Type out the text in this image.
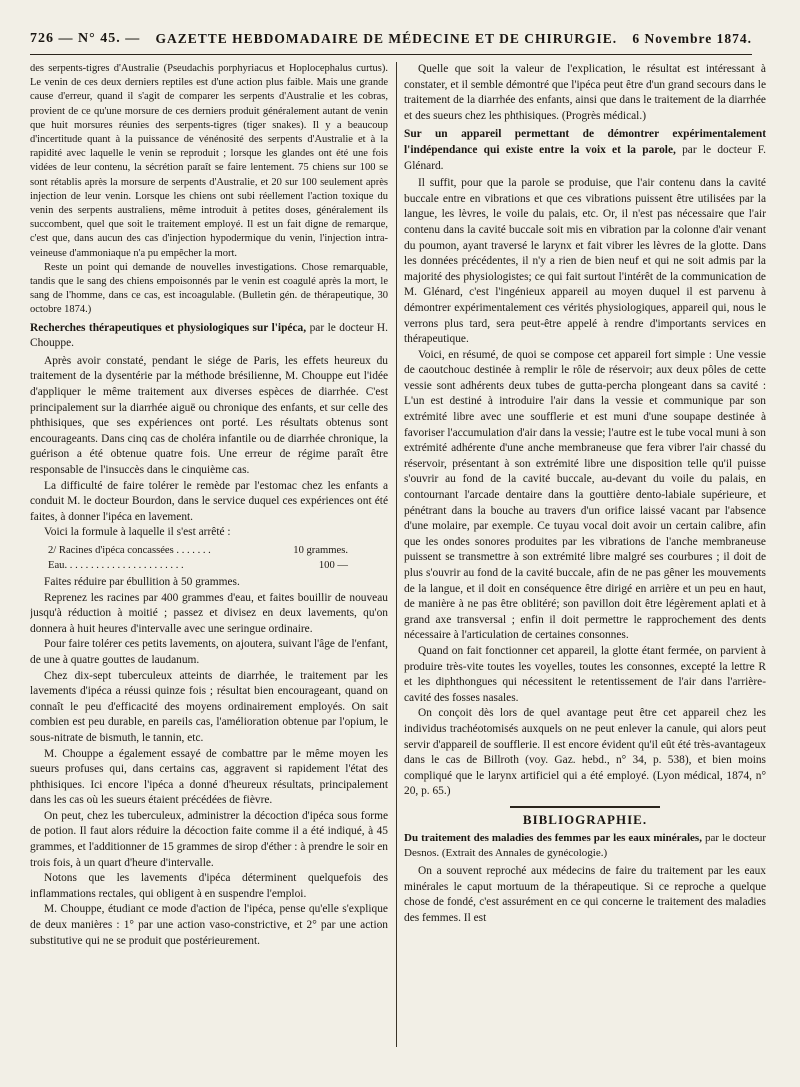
726 — N° 45. — GAZETTE HEBDOMADAIRE DE MÉDECINE ET DE CHIRURGIE. 6 Novembre 1874.

des serpents-tigres d'Australie (Pseudachis porphyriacus et Hoplocephalus curtus). Le venin de ces deux derniers reptiles est d'une action plus faible. Mais une grande cause d'erreur, quand il s'agit de comparer les serpents d'Australie et les cobras, provient de ce qu'une morsure de ces derniers produit généralement autant de venin que huit morsures réunies des serpents-tigres (tiger snakes). Il y a beaucoup d'incertitude quant à la puissance de vénénosité des serpents d'Australie et à la rapidité avec laquelle le venin se reproduit ; lorsque les glandes ont été une fois vidées de leur contenu, la sécrétion paraît se faire lentement. 75 chiens sur 100 se sont rétablis après la morsure de serpents d'Australie, et 20 sur 100 seulement après injection de leur venin. Lorsque les chiens ont subi réellement l'action toxique du venin des serpents australiens, même introduit à petites doses, généralement ils succombent, quel que soit le traitement employé. Il est un fait digne de remarque, c'est que, dans aucun des cas d'injection hypodermique du venin, l'injection intra-veineuse d'ammoniaque n'a pu empêcher la mort.

Reste un point qui demande de nouvelles investigations. Chose remarquable, tandis que le sang des chiens empoisonnés par le venin est coagulé après la mort, le sang de l'homme, dans ce cas, est incoagulable. (Bulletin gén. de thérapeutique, 30 octobre 1874.)

Recherches thérapeutiques et physiologiques sur l'ipéca, par le docteur H. Chouppe.

Après avoir constaté, pendant le siége de Paris, les effets heureux du traitement de la dysentérie par la méthode brésilienne, M. Chouppe eut l'idée d'appliquer le même traitement aux diverses espèces de diarrhée. C'est principalement sur la diarrhée aiguë ou chronique des enfants, et sur celle des phthisiques, que ses expériences ont porté. Les résultats obtenus sont encourageants. Dans cinq cas de choléra infantile ou de diarrhée chronique, la guérison a été obtenue quatre fois. Une erreur de régime paraît être responsable de l'insuccès dans le cinquième cas.

La difficulté de faire tolérer le remède par l'estomac chez les enfants a conduit M. le docteur Bourdon, dans le service duquel ces expériences ont été faites, à donner l'ipéca en lavement.

Voici la formule à laquelle il s'est arrêté :

2/ Racines d'ipéca concassées . . . . . . .	10 grammes.
Eau. . . . . . . . . . . . . . . . . . . . . . .	100 —

Faites réduire par ébullition à 50 grammes.

Reprenez les racines par 400 grammes d'eau, et faites bouillir de nouveau jusqu'à réduction à moitié ; passez et divisez en deux lavements, qu'on donnera à huit heures d'intervalle avec une seringue ordinaire.

Pour faire tolérer ces petits lavements, on ajoutera, suivant l'âge de l'enfant, de une à quatre gouttes de laudanum.

Chez dix-sept tuberculeux atteints de diarrhée, le traitement par les lavements d'ipéca a réussi quinze fois ; résultat bien encourageant, quand on connaît le peu d'efficacité des moyens ordinairement employés. On sait combien est peu durable, en pareils cas, l'amélioration obtenue par l'opium, le sous-nitrate de bismuth, le tannin, etc.

M. Chouppe a également essayé de combattre par le même moyen les sueurs profuses qui, dans certains cas, aggravent si rapidement l'état des phthisiques. Ici encore l'ipéca a donné d'heureux résultats, principalement dans les cas où les sueurs étaient précédées de fièvre.

On peut, chez les tuberculeux, administrer la décoction d'ipéca sous forme de potion. Il faut alors réduire la décoction faite comme il a été indiqué, à 45 grammes, et l'additionner de 15 grammes de sirop d'éther : à prendre le soir en trois fois, à un quart d'heure d'intervalle.

Notons que les lavements d'ipéca déterminent quelquefois des inflammations rectales, qui obligent à en suspendre l'emploi.

M. Chouppe, étudiant ce mode d'action de l'ipéca, pense qu'elle s'explique de deux manières : 1° par une action vaso-constrictive, et 2° par une action substitutive qui ne se produit que postérieurement.

Quelle que soit la valeur de l'explication, le résultat est intéressant à constater, et il semble démontré que l'ipéca peut être d'un grand secours dans le traitement de la diarrhée des enfants, ainsi que dans le traitement de la diarrhée et des sueurs chez les phthisiques. (Progrès médical.)

Sur un appareil permettant de démontrer expérimentalement l'indépendance qui existe entre la voix et la parole, par le docteur F. Glénard.

Il suffit, pour que la parole se produise, que l'air contenu dans la cavité buccale entre en vibrations et que ces vibrations puissent être utilisées par la langue, les lèvres, le voile du palais, etc. Or, il n'est pas nécessaire que l'air contenu dans la cavité buccale soit mis en vibration par la colonne d'air venant du poumon, ayant traversé le larynx et fait vibrer les lèvres de la glotte. Dans les données précédentes, il n'y a rien de bien neuf et qui ne soit admis par la majorité des physiologistes; ce qui fait surtout l'intérêt de la communication de M. Glénard, c'est l'ingénieux appareil au moyen duquel il est parvenu à démontrer expérimentalement ces vérités physiologiques, appareil qui, nous le verrons plus tard, sera peut-être appelé à rendre d'importants services en thérapeutique.

Voici, en résumé, de quoi se compose cet appareil fort simple : Une vessie de caoutchouc destinée à remplir le rôle de réservoir; aux deux pôles de cette vessie sont adhérents deux tubes de gutta-percha plongeant dans sa cavité : L'un est destiné à introduire l'air dans la vessie et communique par son extrémité libre avec une soufflerie et est muni d'une soupape destinée à favoriser l'accumulation d'air dans la vessie; l'autre est le tube vocal muni à son extrémité adhérente d'une anche membraneuse que fera vibrer l'air chassé du réservoir, présentant à son extrémité libre une disposition telle qu'il puisse s'ouvrir au fond de la cavité buccale, au-devant du voile du palais, en contournant l'arcade dentaire dans la gouttière dento-labiale supérieure, et pénétrant dans la bouche au travers d'un orifice laissé vacant par l'absence d'une molaire, par exemple. Ce tuyau vocal doit avoir un certain calibre, afin que les ondes sonores produites par les vibrations de l'anche membraneuse puissent se transmettre à son extrémité libre malgré ses courbures ; il doit de plus s'ouvrir au fond de la cavité buccale, afin de ne pas gêner les mouvements de la langue, et il doit en conséquence être dirigé en arrière et un peu en haut, de manière à ne pas être oblitéré; son pavillon doit être légèrement aplati et à grand axe transversal ; enfin il doit permettre le rapprochement des dents nécessaire à l'articulation de certaines consonnes.

Quand on fait fonctionner cet appareil, la glotte étant fermée, on parvient à produire très-vite toutes les voyelles, toutes les consonnes, excepté la lettre R et les diphthongues qui nécessitent le retentissement de l'air dans l'arrière-cavité des fosses nasales.

On conçoit dès lors de quel avantage peut être cet appareil chez les individus trachéotomisés auxquels on ne peut enlever la canule, qui alors peut servir d'appareil de soufflerie. Il est encore évident qu'il eût été très-avantageux dans le cas de Billroth (voy. Gaz. hebd., n° 34, p. 538), et bien moins compliqué que le larynx artificiel qui a été employé. (Lyon médical, 1874, n° 20, p. 65.)

BIBLIOGRAPHIE.

Du traitement des maladies des femmes par les eaux minérales, par le docteur Desnos. (Extrait des Annales de gynécologie.)

On a souvent reproché aux médecins de faire du traitement par les eaux minérales le caput mortuum de la thérapeutique. Si ce reproche a quelque chose de fondé, c'est assurément en ce qui concerne le traitement des maladies des femmes. Il est
